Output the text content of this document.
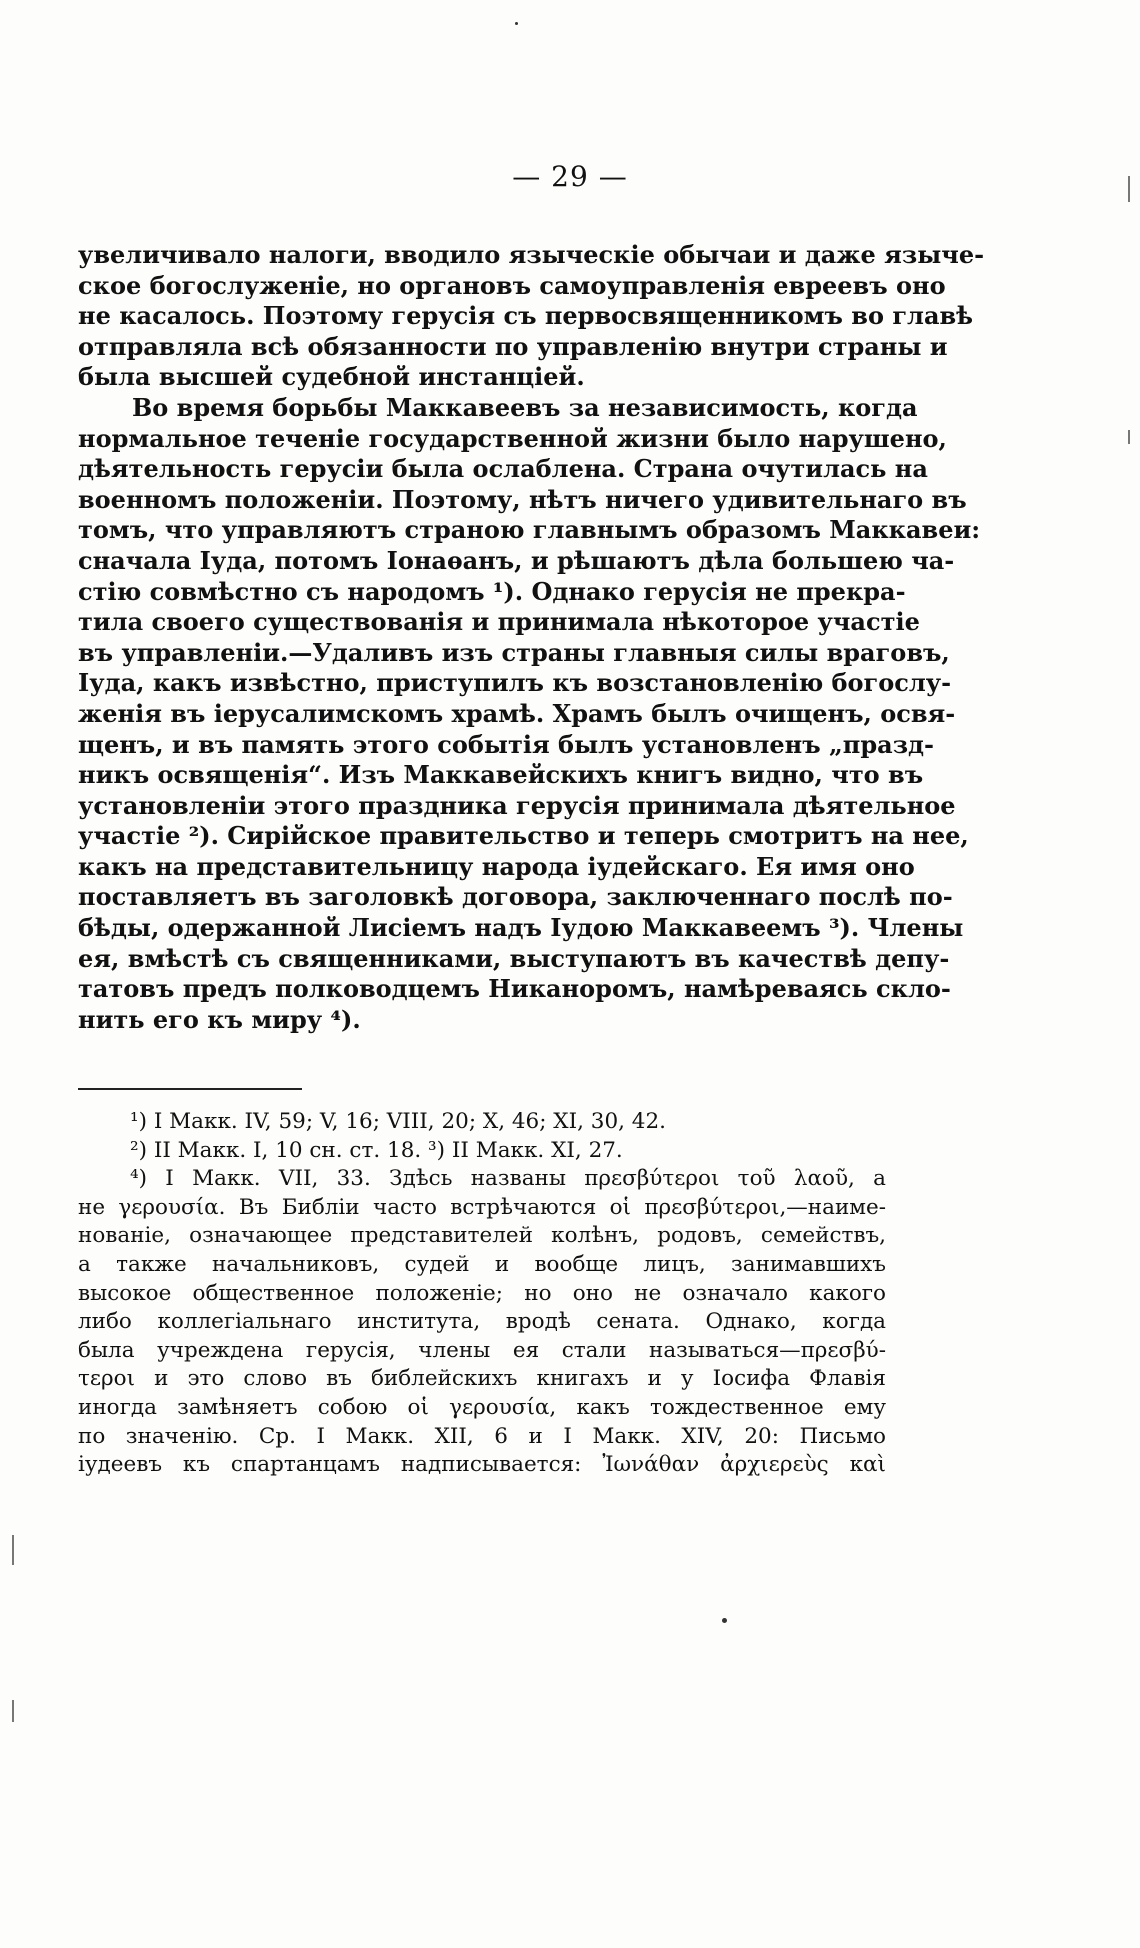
— 29 —
увеличивало налоги, вводило языческіе обычаи и даже языче-
ское богослуженіе, но органовъ самоуправленія евреевъ оно
не касалось. Поэтому герусія съ первосвященникомъ во главѣ
отправляла всѣ обязанности по управленію внутри страны и
была высшей судебной инстанціей.
Во время борьбы Маккавеевъ за независимость, когда
нормальное теченіе государственной жизни было нарушено,
дѣятельность герусіи была ослаблена. Страна очутилась на
военномъ положеніи. Поэтому, нѣтъ ничего удивительнаго въ
томъ, что управляютъ страною главнымъ образомъ Маккавеи:
сначала Іуда, потомъ Іонаѳанъ, и рѣшаютъ дѣла большею ча-
стію совмѣстно съ народомъ ¹). Однако герусія не прекра-
тила своего существованія и принимала нѣкоторое участіе
въ управленіи.—Удаливъ изъ страны главныя силы враговъ,
Іуда, какъ извѣстно, приступилъ къ возстановленію богослу-
женія въ іерусалимскомъ храмѣ. Храмъ былъ очищенъ, освя-
щенъ, и въ память этого событія былъ установленъ „празд-
никъ освященія“. Изъ Маккавейскихъ книгъ видно, что въ
установленіи этого праздника герусія принимала дѣятельное
участіе ²). Сирійское правительство и теперь смотритъ на нее,
какъ на представительницу народа іудейскаго. Ея имя оно
поставляетъ въ заголовкѣ договора, заключеннаго послѣ по-
бѣды, одержанной Лисіемъ надъ Іудою Маккавеемъ ³). Члены
ея, вмѣстѣ съ священниками, выступаютъ въ качествѣ депу-
татовъ предъ полководцемъ Никаноромъ, намѣреваясь скло-
нить его къ миру ⁴).
¹) I Макк. IV, 59; V, 16; VIII, 20; X, 46; XI, 30, 42.
²) II Макк. I, 10 сн. ст. 18. ³) II Макк. XI, 27.
⁴) I Макк. VII, 33. Здѣсь названы πρεσβύτεροι τοῦ λαοῦ, а
не γερουσία. Въ Библіи часто встрѣчаются οἱ πρεσβύτεροι,—наиме-
нованіе, означающее представителей колѣнъ, родовъ, семействъ,
а также начальниковъ, судей и вообще лицъ, занимавшихъ
высокое общественное положеніе; но оно не означало какого
либо коллегіальнаго института, вродѣ сената. Однако, когда
была учреждена герусія, члены ея стали называться—πρεσβύ-
τεροι и это слово въ библейскихъ книгахъ и у Іосифа Флавія
иногда замѣняетъ собою οἱ γερουσία, какъ тождественное ему
по значенію. Ср. I Макк. XII, 6 и I Макк. XIV, 20: Письмо
іудеевъ къ спартанцамъ надписывается: Ἰωνάθαν ἀρχιερεὺς καὶ
